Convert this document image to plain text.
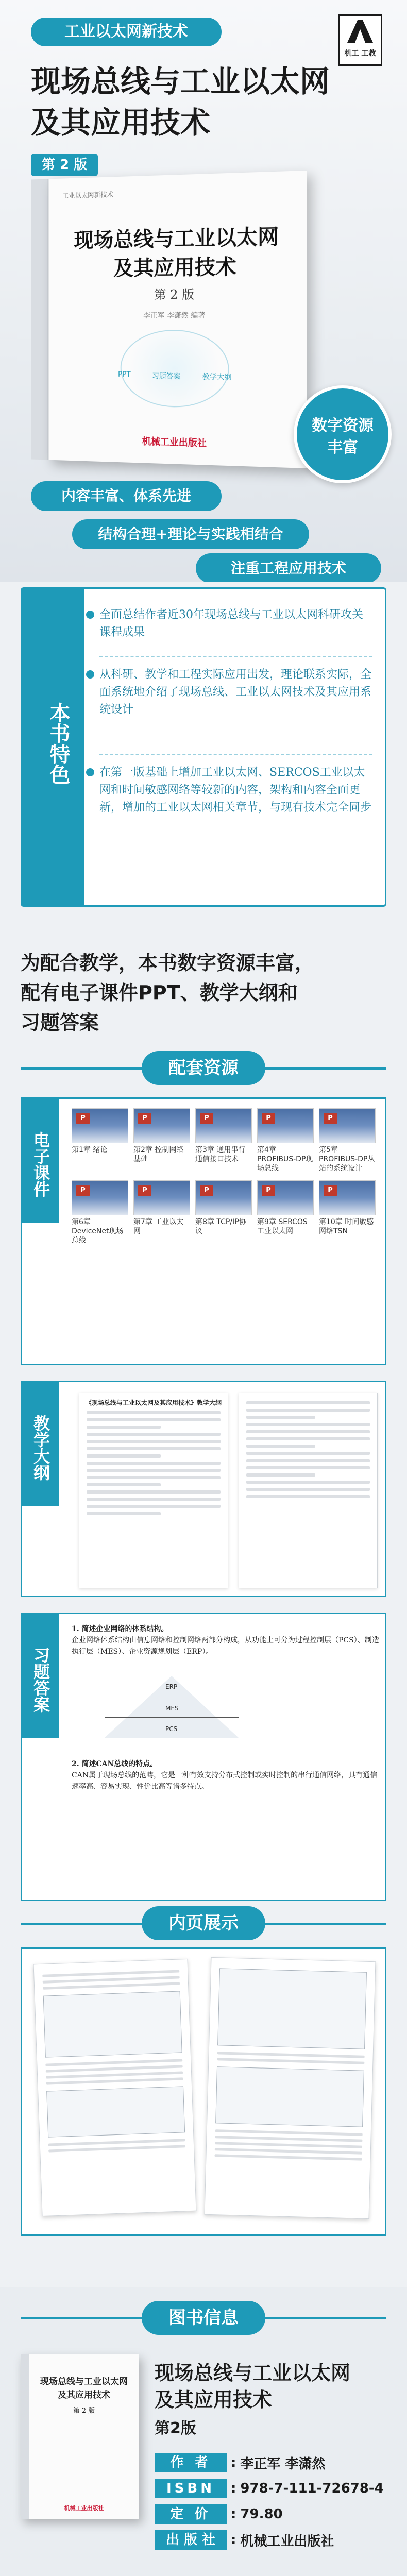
工业以太网新技术
机工 工教
现场总线与工业以太网
及其应用技术
第 2 版
工业以太网新技术
现场总线与工业以太网
及其应用技术
第 2 版
李正军 李潇然 编著
PPT	习题答案	教学大纲
机械工业出版社
数字资源
丰富
内容丰富、体系先进
结构合理+理论与实践相结合
注重工程应用技术
本书特色
全面总结作者近30年现场总线与工业以太网科研攻关课程成果
从科研、教学和工程实际应用出发，理论联系实际，全面系统地介绍了现场总线、工业以太网技术及其应用系统设计
在第一版基础上增加工业以太网、SERCOS工业以太网和时间敏感网络等较新的内容，架构和内容全面更新，增加的工业以太网相关章节，与现有技术完全同步
为配合教学，本书数字资源丰富，
配有电子课件PPT、教学大纲和
习题答案
配套资源
电子课件
P
第1章 绪论
P
第2章 控制网络基础
P
第3章 通用串行通信接口技术
P
第4章 PROFIBUS-DP现场总线
P
第5章 PROFIBUS-DP从站的系统设计
P
第6章 DeviceNet现场总线
P
第7章 工业以太网
P
第8章 TCP/IP协议
P
第9章 SERCOS工业以太网
P
第10章 时间敏感网络TSN
教学大纲
《现场总线与工业以太网及其应用技术》教学大纲
习题答案
1. 简述企业网络的体系结构。
企业网络体系结构由信息网络和控制网络两部分构成，从功能上可分为过程控制层（PCS）、制造执行层（MES）、企业资源规划层（ERP）。
ERP
MES
PCS
2. 简述CAN总线的特点。
CAN属于现场总线的范畴，它是一种有效支持分布式控制或实时控制的串行通信网络，具有通信速率高、容易实现、性价比高等诸多特点。
内页展示
图书信息
现场总线与工业以太网
及其应用技术
第 2 版
机械工业出版社
现场总线与工业以太网
及其应用技术
第2版
作 者	: 李正军 李潇然
ISBN	: 978-7-111-72678-4
定 价	: 79.80
出 版 社	: 机械工业出版社
